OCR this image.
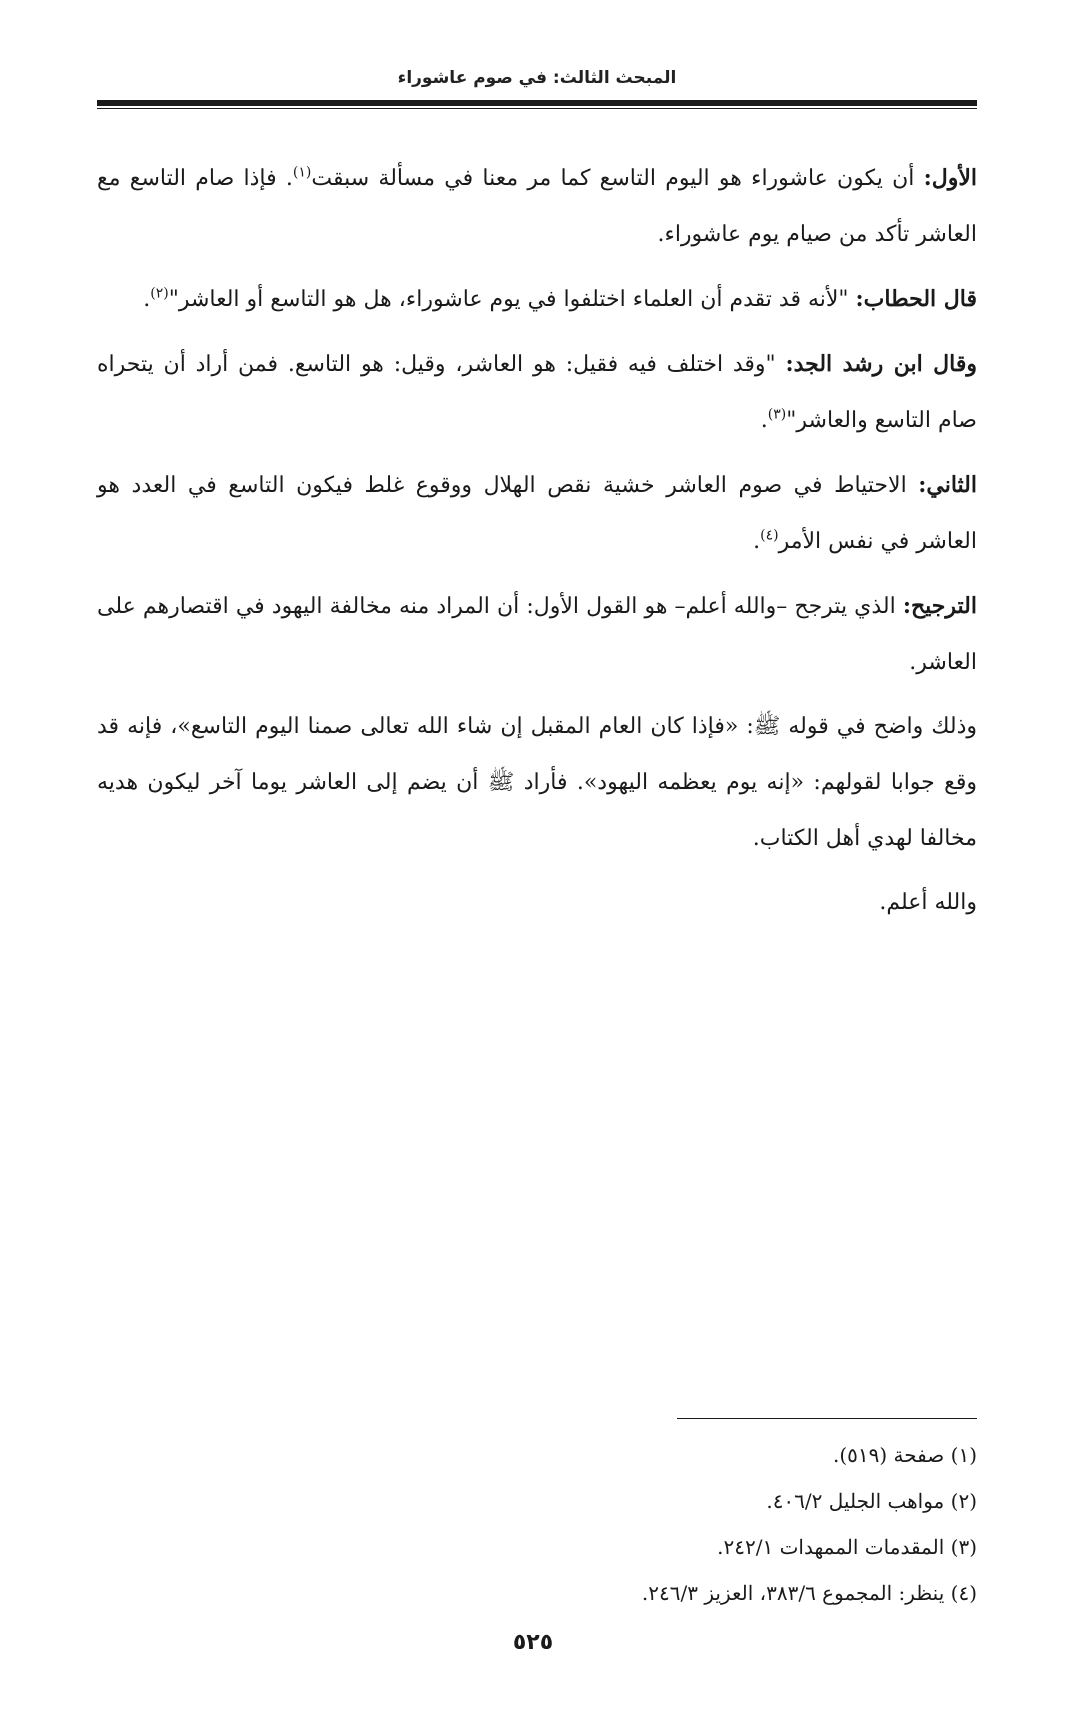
المبحث الثالث: في صوم عاشوراء

الأول: أن يكون عاشوراء هو اليوم التاسع كما مر معنا في مسألة سبقت$^{(١)}$. فإذا صام التاسع مع العاشر تأكد من صيام يوم عاشوراء.

قال الحطاب: "لأنه قد تقدم أن العلماء اختلفوا في يوم عاشوراء، هل هو التاسع أو العاشر"$^{(٢)}$.

وقال ابن رشد الجد: "وقد اختلف فيه فقيل: هو العاشر، وقيل: هو التاسع. فمن أراد أن يتحراه صام التاسع والعاشر"$^{(٣)}$.

الثاني: الاحتياط في صوم العاشر خشية نقص الهلال ووقوع غلط فيكون التاسع في العدد هو العاشر في نفس الأمر$^{(٤)}$.

الترجيح: الذي يترجح –والله أعلم– هو القول الأول: أن المراد منه مخالفة اليهود في اقتصارهم على العاشر.

وذلك واضح في قوله ﷺ: «فإذا كان العام المقبل إن شاء الله تعالى صمنا اليوم التاسع»، فإنه قد وقع جوابا لقولهم: «إنه يوم يعظمه اليهود». فأراد ﷺ أن يضم إلى العاشر يوما آخر ليكون هديه مخالفا لهدي أهل الكتاب.

والله أعلم.

(١) صفحة (٥١٩).

(٢) مواهب الجليل ٤٠٦/٢.

(٣) المقدمات الممهدات ٢٤٢/١.

(٤) ينظر: المجموع ٣٨٣/٦، العزيز ٢٤٦/٣.

٥٢٥
